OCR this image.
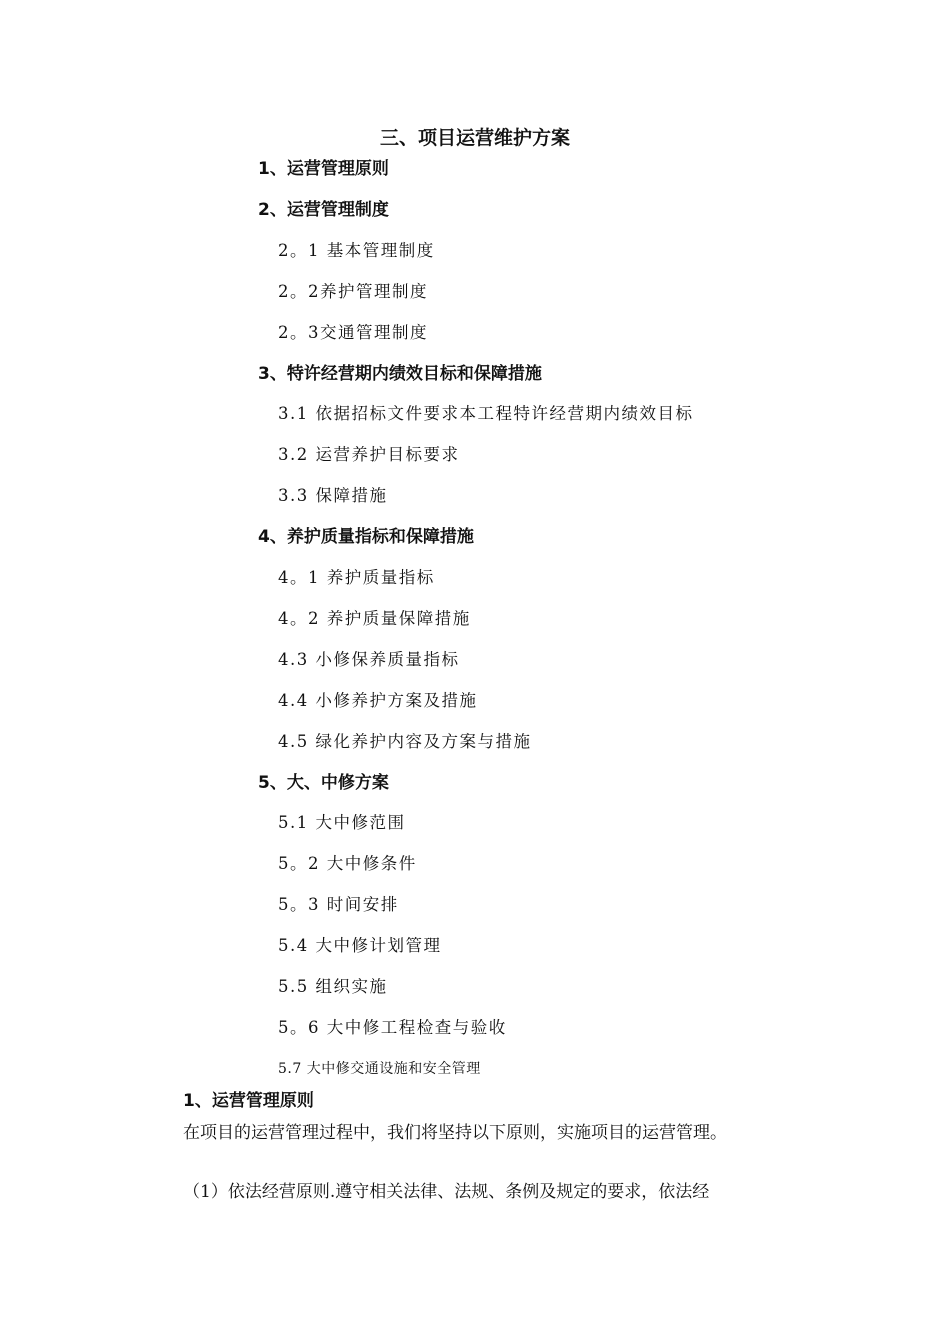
三、项目运营维护方案
1、运营管理原则
2、运营管理制度
2。1 基本管理制度
2。2养护管理制度
2。3交通管理制度
3、特许经营期内绩效目标和保障措施
3.1 依据招标文件要求本工程特许经营期内绩效目标
3.2 运营养护目标要求
3.3 保障措施
4、养护质量指标和保障措施
4。1 养护质量指标
4。2 养护质量保障措施
4.3 小修保养质量指标
4.4 小修养护方案及措施
4.5 绿化养护内容及方案与措施
5、大、中修方案
5.1 大中修范围
5。2 大中修条件
5。3 时间安排
5.4 大中修计划管理
5.5 组织实施
5。6 大中修工程检查与验收
5.7 大中修交通设施和安全管理
1、运营管理原则
在项目的运营管理过程中，我们将坚持以下原则，实施项目的运营管理。
（1）依法经营原则.遵守相关法律、法规、条例及规定的要求，依法经
